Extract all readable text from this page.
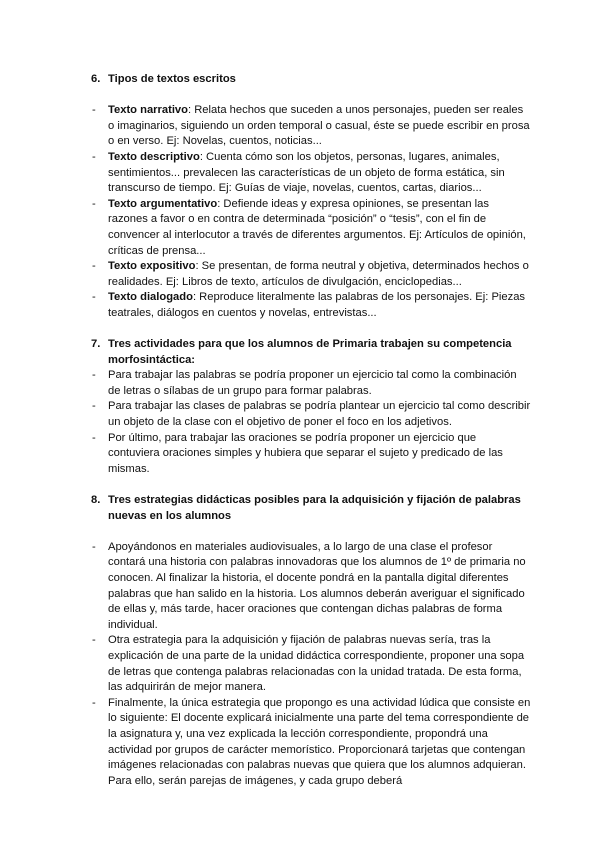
6. Tipos de textos escritos
- Texto narrativo: Relata hechos que suceden a unos personajes, pueden ser reales
o imaginarios, siguiendo un orden temporal o casual, éste se puede escribir en prosa
o en verso. Ej: Novelas, cuentos, noticias...
- Texto descriptivo: Cuenta cómo son los objetos, personas, lugares, animales,
sentimientos... prevalecen las características de un objeto de forma estática, sin
transcurso de tiempo. Ej: Guías de viaje, novelas, cuentos, cartas, diarios...
- Texto argumentativo: Defiende ideas y expresa opiniones, se presentan las
razones a favor o en contra de determinada “posición” o “tesis”, con el fin de
convencer al interlocutor a través de diferentes argumentos. Ej: Artículos de opinión,
críticas de prensa...
- Texto expositivo: Se presentan, de forma neutral y objetiva, determinados hechos o
realidades. Ej: Libros de texto, artículos de divulgación, enciclopedias...
- Texto dialogado: Reproduce literalmente las palabras de los personajes. Ej: Piezas
teatrales, diálogos en cuentos y novelas, entrevistas...
7. Tres actividades para que los alumnos de Primaria trabajen su competencia
morfosintáctica:
- Para trabajar las palabras se podría proponer un ejercicio tal como la combinación
de letras o sílabas de un grupo para formar palabras.
- Para trabajar las clases de palabras se podría plantear un ejercicio tal como describir
un objeto de la clase con el objetivo de poner el foco en los adjetivos.
- Por último, para trabajar las oraciones se podría proponer un ejercicio que
contuviera oraciones simples y hubiera que separar el sujeto y predicado de las
mismas.
8. Tres estrategias didácticas posibles para la adquisición y fijación de palabras
nuevas en los alumnos
- Apoyándonos en materiales audiovisuales, a lo largo de una clase el profesor
contará una historia con palabras innovadoras que los alumnos de 1º de primaria no
conocen. Al finalizar la historia, el docente pondrá en la pantalla digital diferentes
palabras que han salido en la historia. Los alumnos deberán averiguar el significado
de ellas y, más tarde, hacer oraciones que contengan dichas palabras de forma
individual.
- Otra estrategia para la adquisición y fijación de palabras nuevas sería, tras la
explicación de una parte de la unidad didáctica correspondiente, proponer una sopa
de letras que contenga palabras relacionadas con la unidad tratada. De esta forma,
las adquirirán de mejor manera.
- Finalmente, la única estrategia que propongo es una actividad lúdica que consiste en
lo siguiente: El docente explicará inicialmente una parte del tema correspondiente de
la asignatura y, una vez explicada la lección correspondiente, propondrá una
actividad por grupos de carácter memorístico. Proporcionará tarjetas que contengan
imágenes relacionadas con palabras nuevas que quiera que los alumnos adquieran.
Para ello, serán parejas de imágenes, y cada grupo deberá
